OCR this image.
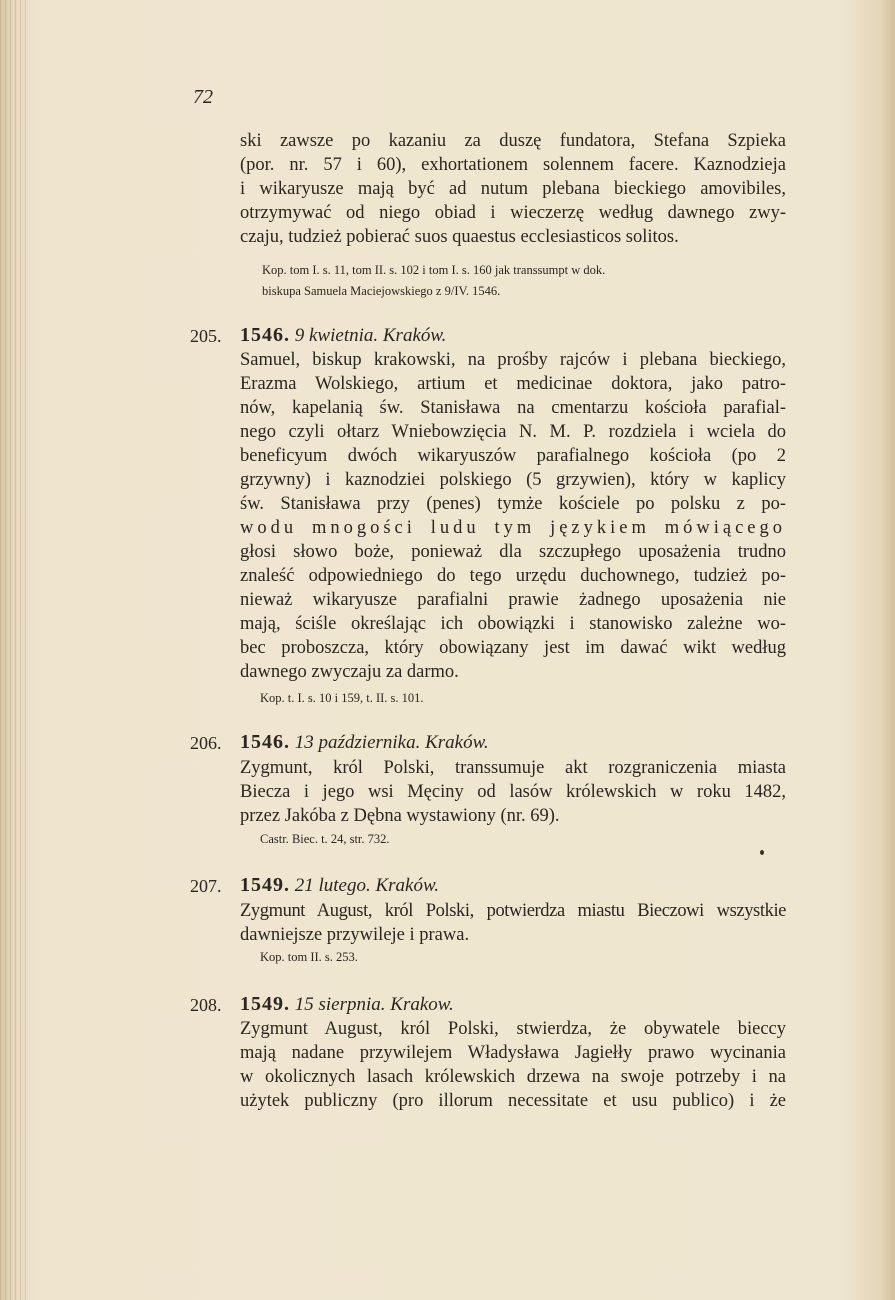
72
ski zawsze po kazaniu za duszę fundatora, Stefana Szpieka
(por. nr. 57 i 60), exhortationem solennem facere. Kaznodzieja
i wikaryusze mają być ad nutum plebana bieckiego amovibiles,
otrzymywać od niego obiad i wieczerzę według dawnego zwy-
czaju, tudzież pobierać suos quaestus ecclesiasticos solitos.
Kop. tom I. s. 11, tom II. s. 102 i tom I. s. 160 jak transsumpt w dok.
biskupa Samuela Maciejowskiego z 9/IV. 1546.
205. 1546. 9 kwietnia. Kraków.
Samuel, biskup krakowski, na prośby rajców i plebana bieckiego,
Erazma Wolskiego, artium et medicinae doktora, jako patro-
nów, kapelanią św. Stanisława na cmentarzu kościoła parafial-
nego czyli ołtarz Wniebowzięcia N. M. P. rozdziela i wciela do
beneficyum dwóch wikaryuszów parafialnego kościoła (po 2
grzywny) i kaznodziei polskiego (5 grzywien), który w kaplicy
św. Stanisława przy (penes) tymże kościele po polsku z po-
wodu mnogości ludu tym językiem mówiącego
głosi słowo boże, ponieważ dla szczupłego uposażenia trudno
znaleść odpowiedniego do tego urzędu duchownego, tudzież po-
nieważ wikaryusze parafialni prawie żadnego uposażenia nie
mają, ściśle określając ich obowiązki i stanowisko zależne wo-
bec proboszcza, który obowiązany jest im dawać wikt według
dawnego zwyczaju za darmo.
Kop. t. I. s. 10 i 159, t. II. s. 101.
206. 1546. 13 października. Kraków.
Zygmunt, król Polski, transsumuje akt rozgraniczenia miasta
Biecza i jego wsi Męciny od lasów królewskich w roku 1482,
przez Jakóba z Dębna wystawiony (nr. 69).
Castr. Biec. t. 24, str. 732.
207. 1549. 21 lutego. Kraków.
Zygmunt August, król Polski, potwierdza miastu Bieczowi wszystkie
dawniejsze przywileje i prawa.
Kop. tom II. s. 253.
208. 1549. 15 sierpnia. Krakow.
Zygmunt August, król Polski, stwierdza, że obywatele bieccy
mają nadane przywilejem Władysława Jagiełły prawo wycinania
w okolicznych lasach królewskich drzewa na swoje potrzeby i na
użytek publiczny (pro illorum necessitate et usu publico) i że
